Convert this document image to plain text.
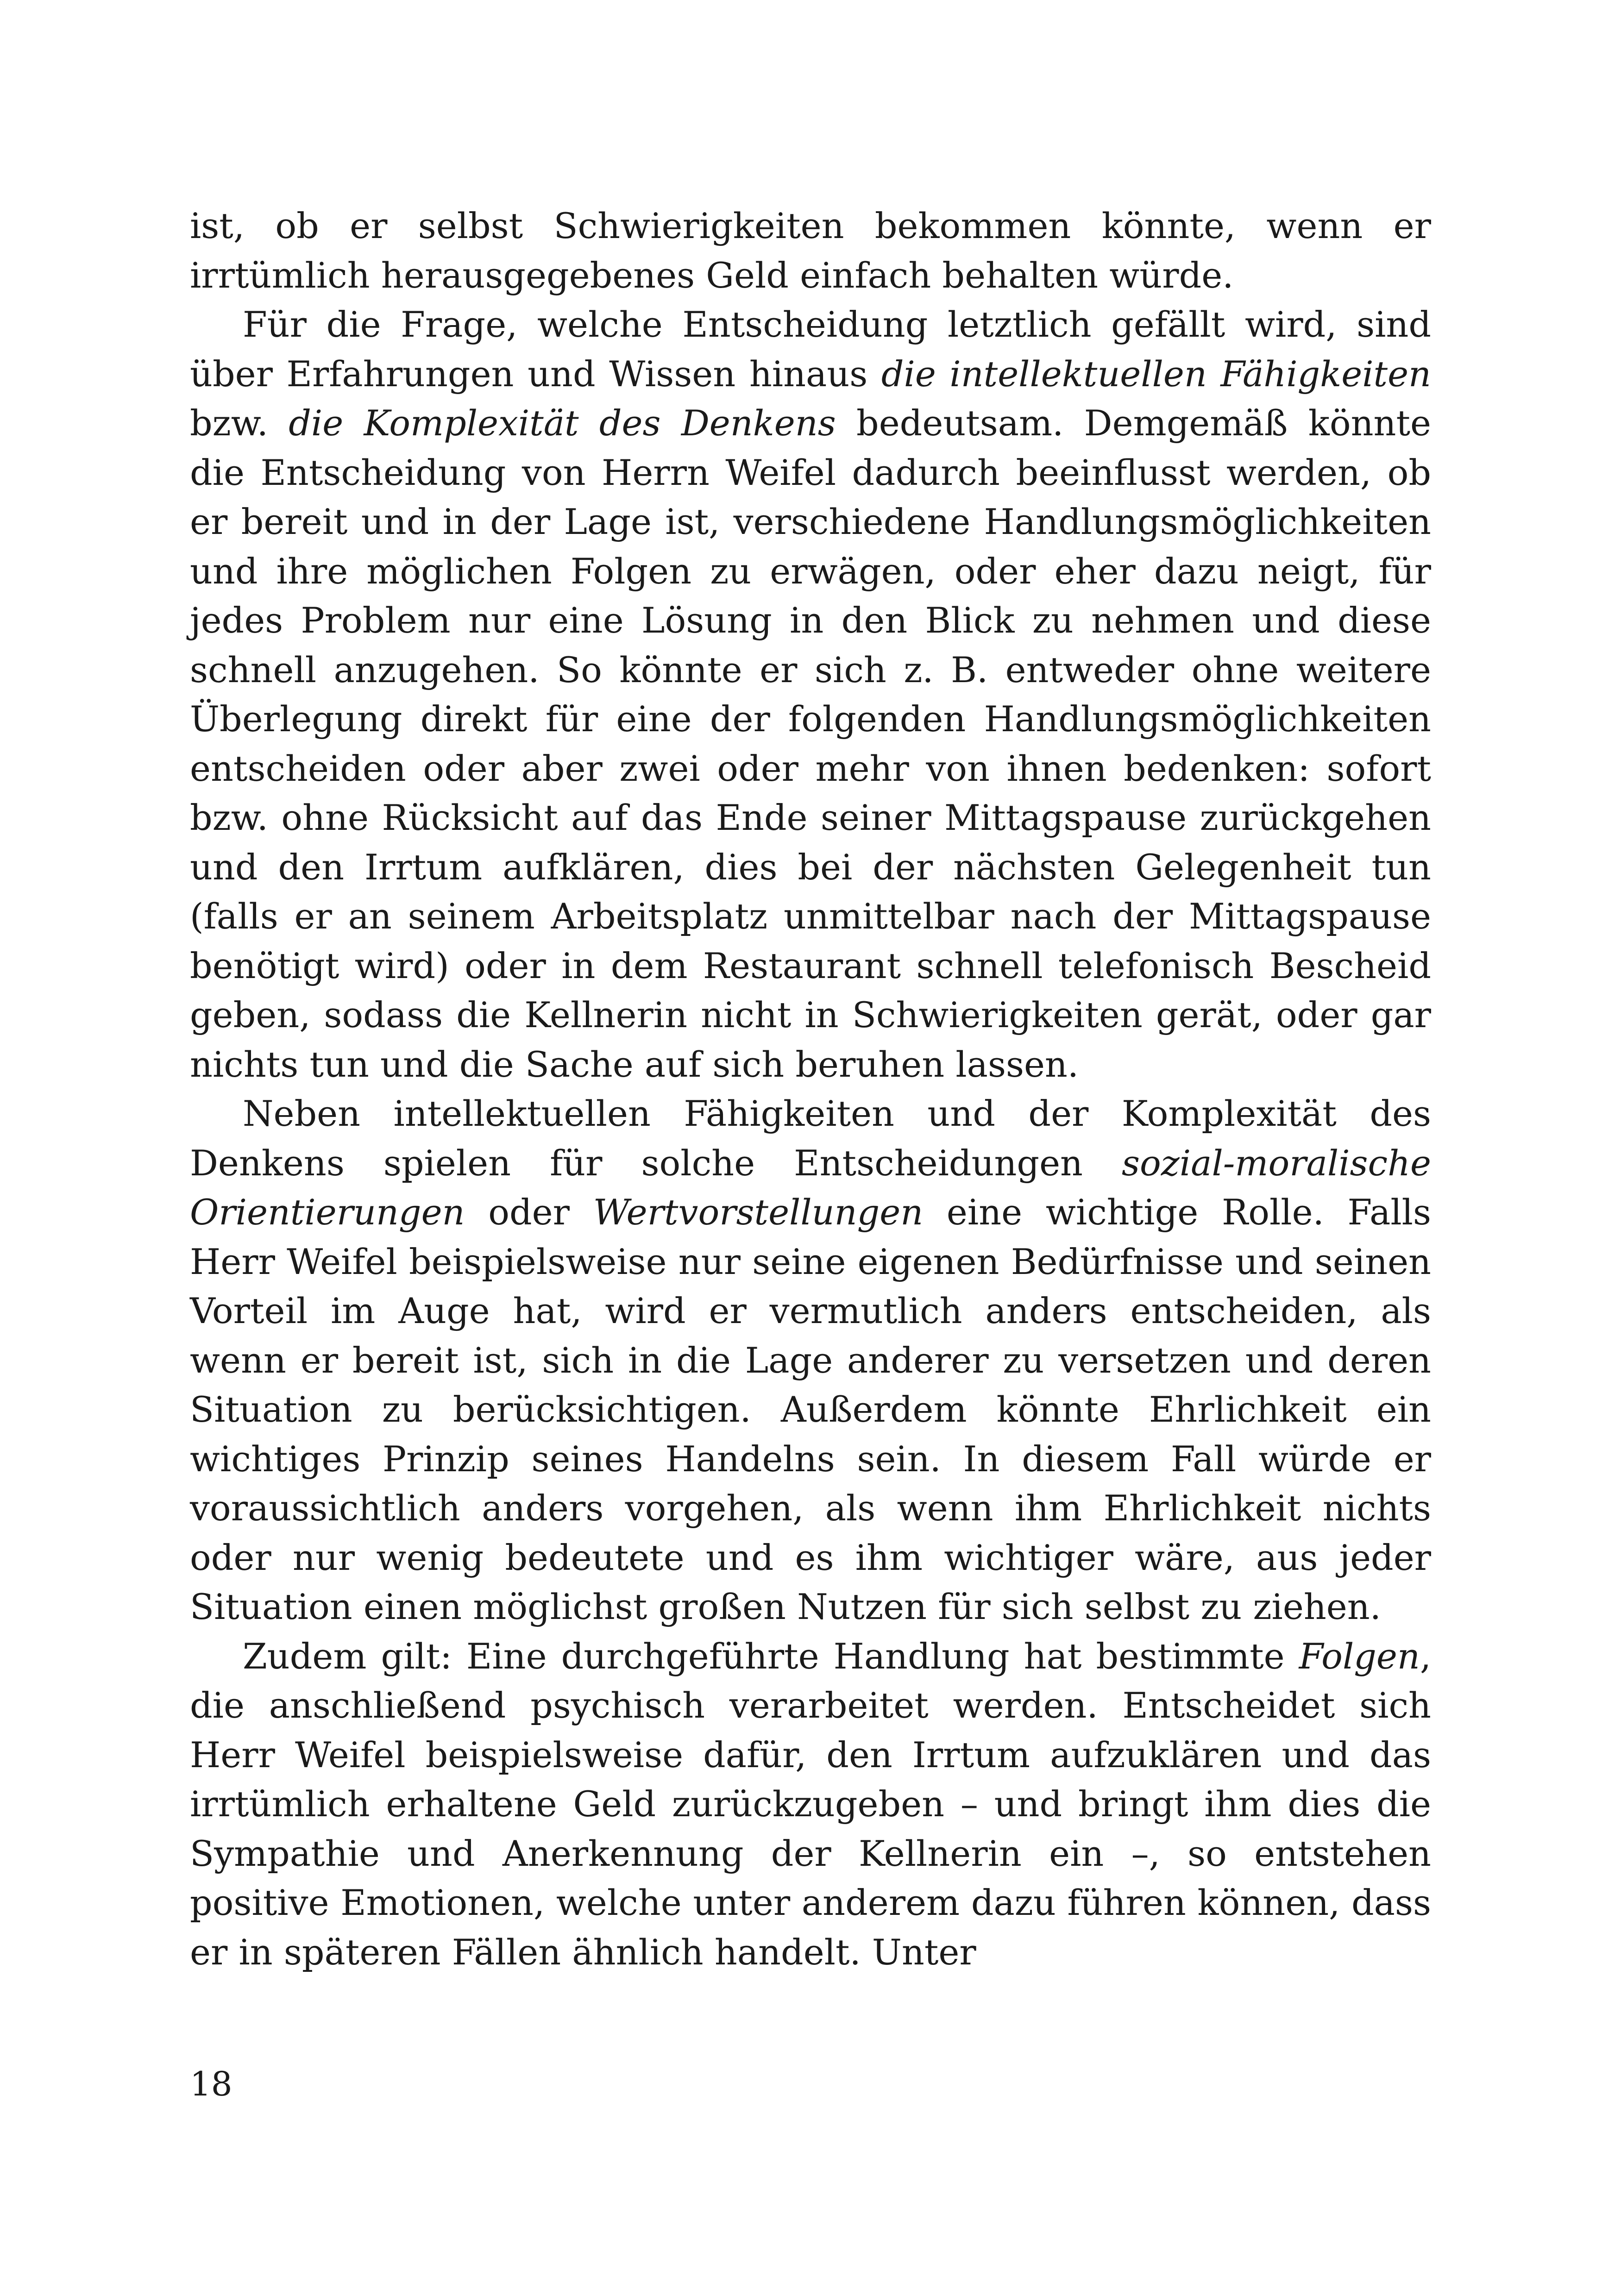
ist, ob er selbst Schwierigkeiten bekommen könnte, wenn er irrtümlich herausgegebenes Geld einfach behalten würde.

Für die Frage, welche Entscheidung letztlich gefällt wird, sind über Erfahrungen und Wissen hinaus die intellektuellen Fähigkeiten bzw. die Komplexität des Denkens bedeutsam. Demgemäß könnte die Entscheidung von Herrn Weifel dadurch beeinflusst werden, ob er bereit und in der Lage ist, verschiedene Handlungsmöglichkeiten und ihre möglichen Folgen zu erwägen, oder eher dazu neigt, für jedes Problem nur eine Lösung in den Blick zu nehmen und diese schnell anzugehen. So könnte er sich z. B. entweder ohne weitere Überlegung direkt für eine der folgenden Handlungsmöglichkeiten entscheiden oder aber zwei oder mehr von ihnen bedenken: sofort bzw. ohne Rücksicht auf das Ende seiner Mittagspause zurückgehen und den Irrtum aufklären, dies bei der nächsten Gelegenheit tun (falls er an seinem Arbeitsplatz unmittelbar nach der Mittagspause benötigt wird) oder in dem Restaurant schnell telefonisch Bescheid geben, sodass die Kellnerin nicht in Schwierigkeiten gerät, oder gar nichts tun und die Sache auf sich beruhen lassen.

Neben intellektuellen Fähigkeiten und der Komplexität des Denkens spielen für solche Entscheidungen sozial-moralische Orientierungen oder Wertvorstellungen eine wichtige Rolle. Falls Herr Weifel beispielsweise nur seine eigenen Bedürfnisse und seinen Vorteil im Auge hat, wird er vermutlich anders entscheiden, als wenn er bereit ist, sich in die Lage anderer zu versetzen und deren Situation zu berücksichtigen. Außerdem könnte Ehrlichkeit ein wichtiges Prinzip seines Handelns sein. In diesem Fall würde er voraussichtlich anders vorgehen, als wenn ihm Ehrlichkeit nichts oder nur wenig bedeutete und es ihm wichtiger wäre, aus jeder Situation einen möglichst großen Nutzen für sich selbst zu ziehen.

Zudem gilt: Eine durchgeführte Handlung hat bestimmte Folgen, die anschließend psychisch verarbeitet werden. Entscheidet sich Herr Weifel beispielsweise dafür, den Irrtum aufzuklären und das irrtümlich erhaltene Geld zurückzugeben – und bringt ihm dies die Sympathie und Anerkennung der Kellnerin ein –, so entstehen positive Emotionen, welche unter anderem dazu führen können, dass er in späteren Fällen ähnlich handelt. Unter

18
